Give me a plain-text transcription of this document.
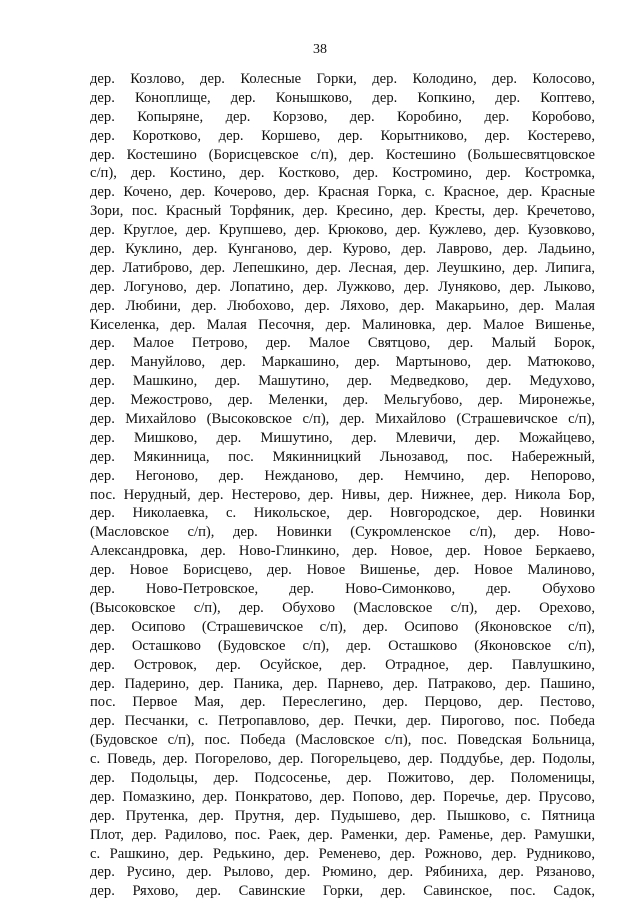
38
дер. Козлово, дер. Колесные Горки, дер. Колодино, дер. Колосово,
дер. Коноплище, дер. Конышково, дер. Копкино, дер. Коптево,
дер. Копыряне, дер. Корзово, дер. Коробино, дер. Коробово,
дер. Коротково, дер. Коршево, дер. Корытниково, дер. Костерево,
дер. Костешино (Борисцевское с/п), дер. Костешино (Большесвятцовское
с/п), дер. Костино, дер. Костково, дер. Костромино, дер. Костромка,
дер. Кочено, дер. Кочерово, дер. Красная Горка, с. Красное, дер. Красные
Зори, пос. Красный Торфяник, дер. Кресино, дер. Кресты, дер. Кречетово,
дер. Круглое, дер. Крупшево, дер. Крюково, дер. Кужлево, дер. Кузовково,
дер. Куклино, дер. Кунганово, дер. Курово, дер. Лаврово, дер. Ладьино,
дер. Латиброво, дер. Лепешкино, дер. Лесная, дер. Леушкино, дер. Липига,
дер. Логуново, дер. Лопатино, дер. Лужково, дер. Луняково, дер. Лыково,
дер. Любини, дер. Любохово, дер. Ляхово, дер. Макарьино, дер. Малая
Киселенка, дер. Малая Песочня, дер. Малиновка, дер. Малое Вишенье,
дер. Малое Петрово, дер. Малое Святцово, дер. Малый Борок,
дер. Мануйлово, дер. Маркашино, дер. Мартыново, дер. Матюково,
дер. Машкино, дер. Машутино, дер. Медведково, дер. Медухово,
дер. Межострово, дер. Меленки, дер. Мельгубово, дер. Миронежье,
дер. Михайлово (Высоковское с/п), дер. Михайлово (Страшевичское с/п),
дер. Мишково, дер. Мишутино, дер. Млевичи, дер. Можайцево,
дер. Мякинница, пос. Мякинницкий Льнозавод, пос. Набережный,
дер. Негоново, дер. Нежданово, дер. Немчино, дер. Непорово,
пос. Нерудный, дер. Нестерово, дер. Нивы, дер. Нижнее, дер. Никола Бор,
дер. Николаевка, с. Никольское, дер. Новгородское, дер. Новинки
(Масловское с/п), дер. Новинки (Сукромленское с/п), дер. Ново-
Александровка, дер. Ново-Глинкино, дер. Новое, дер. Новое Беркаево,
дер. Новое Борисцево, дер. Новое Вишенье, дер. Новое Малиново,
дер. Ново-Петровское, дер. Ново-Симонково, дер. Обухово
(Высоковское с/п), дер. Обухово (Масловское с/п), дер. Орехово,
дер. Осипово (Страшевичское с/п), дер. Осипово (Яконовское с/п),
дер. Осташково (Будовское с/п), дер. Осташково (Яконовское с/п),
дер. Островок, дер. Осуйское, дер. Отрадное, дер. Павлушкино,
дер. Падерино, дер. Паника, дер. Парнево, дер. Патраково, дер. Пашино,
пос. Первое Мая, дер. Переслегино, дер. Перцово, дер. Пестово,
дер. Песчанки, с. Петропавлово, дер. Печки, дер. Пирогово, пос. Победа
(Будовское с/п), пос. Победа (Масловское с/п), пос. Поведская Больница,
с. Поведь, дер. Погорелово, дер. Погорельцево, дер. Поддубье, дер. Подолы,
дер. Подольцы, дер. Подсосенье, дер. Пожитово, дер. Поломеницы,
дер. Помазкино, дер. Понкратово, дер. Попово, дер. Поречье, дер. Прусово,
дер. Прутенка, дер. Прутня, дер. Пудышево, дер. Пышково, с. Пятница
Плот, дер. Радилово, пос. Раек, дер. Раменки, дер. Раменье, дер. Рамушки,
с. Рашкино, дер. Редькино, дер. Ременево, дер. Рожново, дер. Рудниково,
дер. Русино, дер. Рылово, дер. Рюмино, дер. Рябиниха, дер. Рязаново,
дер. Ряхово, дер. Савинские Горки, дер. Савинское, пос. Садок,
